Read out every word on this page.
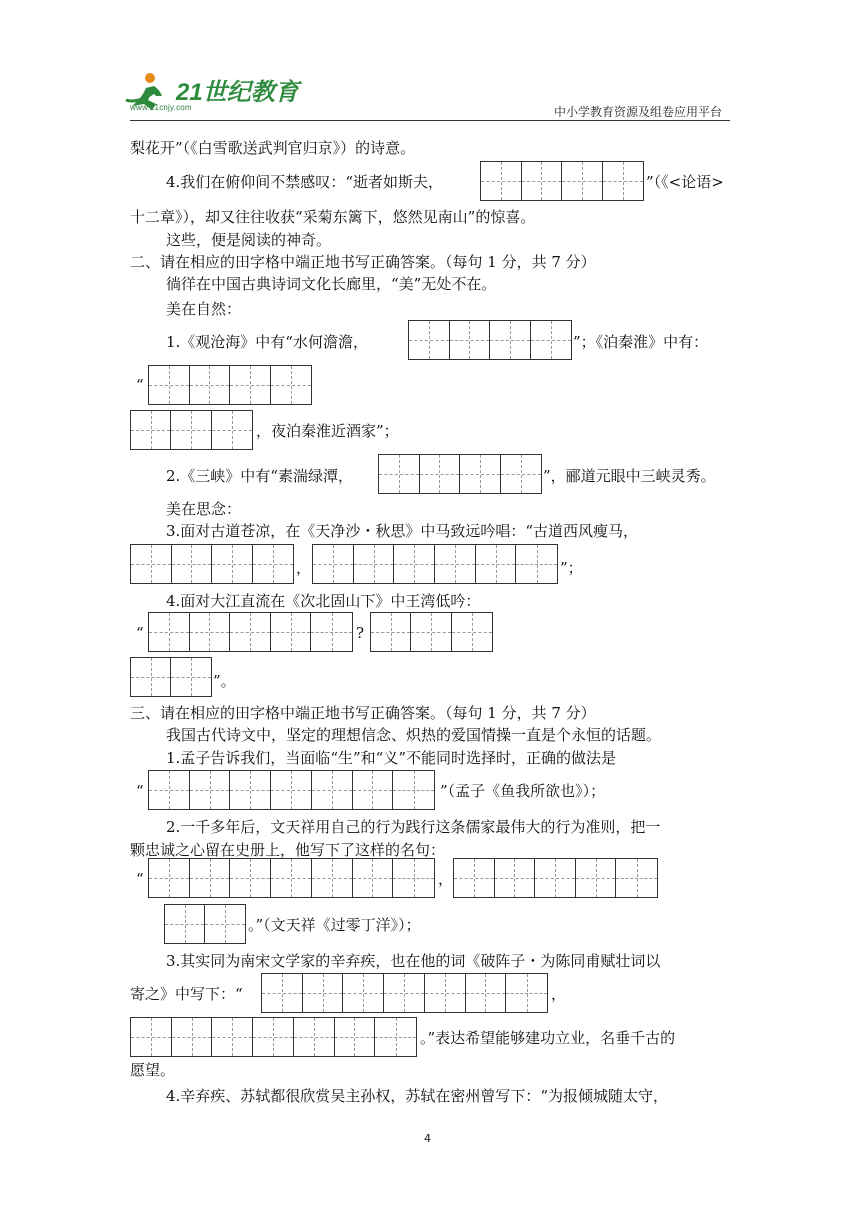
21世纪教育
www.21cnjy.com	中小学教育资源及组卷应用平台
梨花开”（《白雪歌送武判官归京》）的诗意。
4.我们在俯仰间不禁感叹：“逝者如斯夫，	”（《<论语>
十二章》），却又往往收获“采菊东篱下，悠然见南山”的惊喜。
这些，便是阅读的神奇。
二、请在相应的田字格中端正地书写正确答案。（每句 1 分，共 7 分）
徜徉在中国古典诗词文化长廊里，“美”无处不在。
美在自然：
1.《观沧海》中有“水何澹澹，	”；《泊秦淮》中有：
“
，夜泊秦淮近酒家”；
2.《三峡》中有“素湍绿潭，	”，郦道元眼中三峡灵秀。
美在思念：
3.面对古道苍凉，在《天净沙・秋思》中马致远吟唱：“古道西风瘦马，
，	”；
4.面对大江直流在《次北固山下》中王湾低吟：
“	?
”。
三、请在相应的田字格中端正地书写正确答案。（每句 1 分，共 7 分）
我国古代诗文中，坚定的理想信念、炽热的爱国情操一直是个永恒的话题。
1.孟子告诉我们，当面临“生”和“义”不能同时选择时，正确的做法是
“	”（孟子《鱼我所欲也》）；
2.一千多年后，文天祥用自己的行为践行这条儒家最伟大的行为准则，把一
颗忠诚之心留在史册上，他写下了这样的名句：
“	，
。”（文天祥《过零丁洋》）；
3.其实同为南宋文学家的辛弃疾，也在他的词《破阵子・为陈同甫赋壮词以
寄之》中写下：“	，
。”表达希望能够建功立业，名垂千古的
愿望。
4.辛弃疾、苏轼都很欣赏吴主孙权，苏轼在密州曾写下：“为报倾城随太守，
4
